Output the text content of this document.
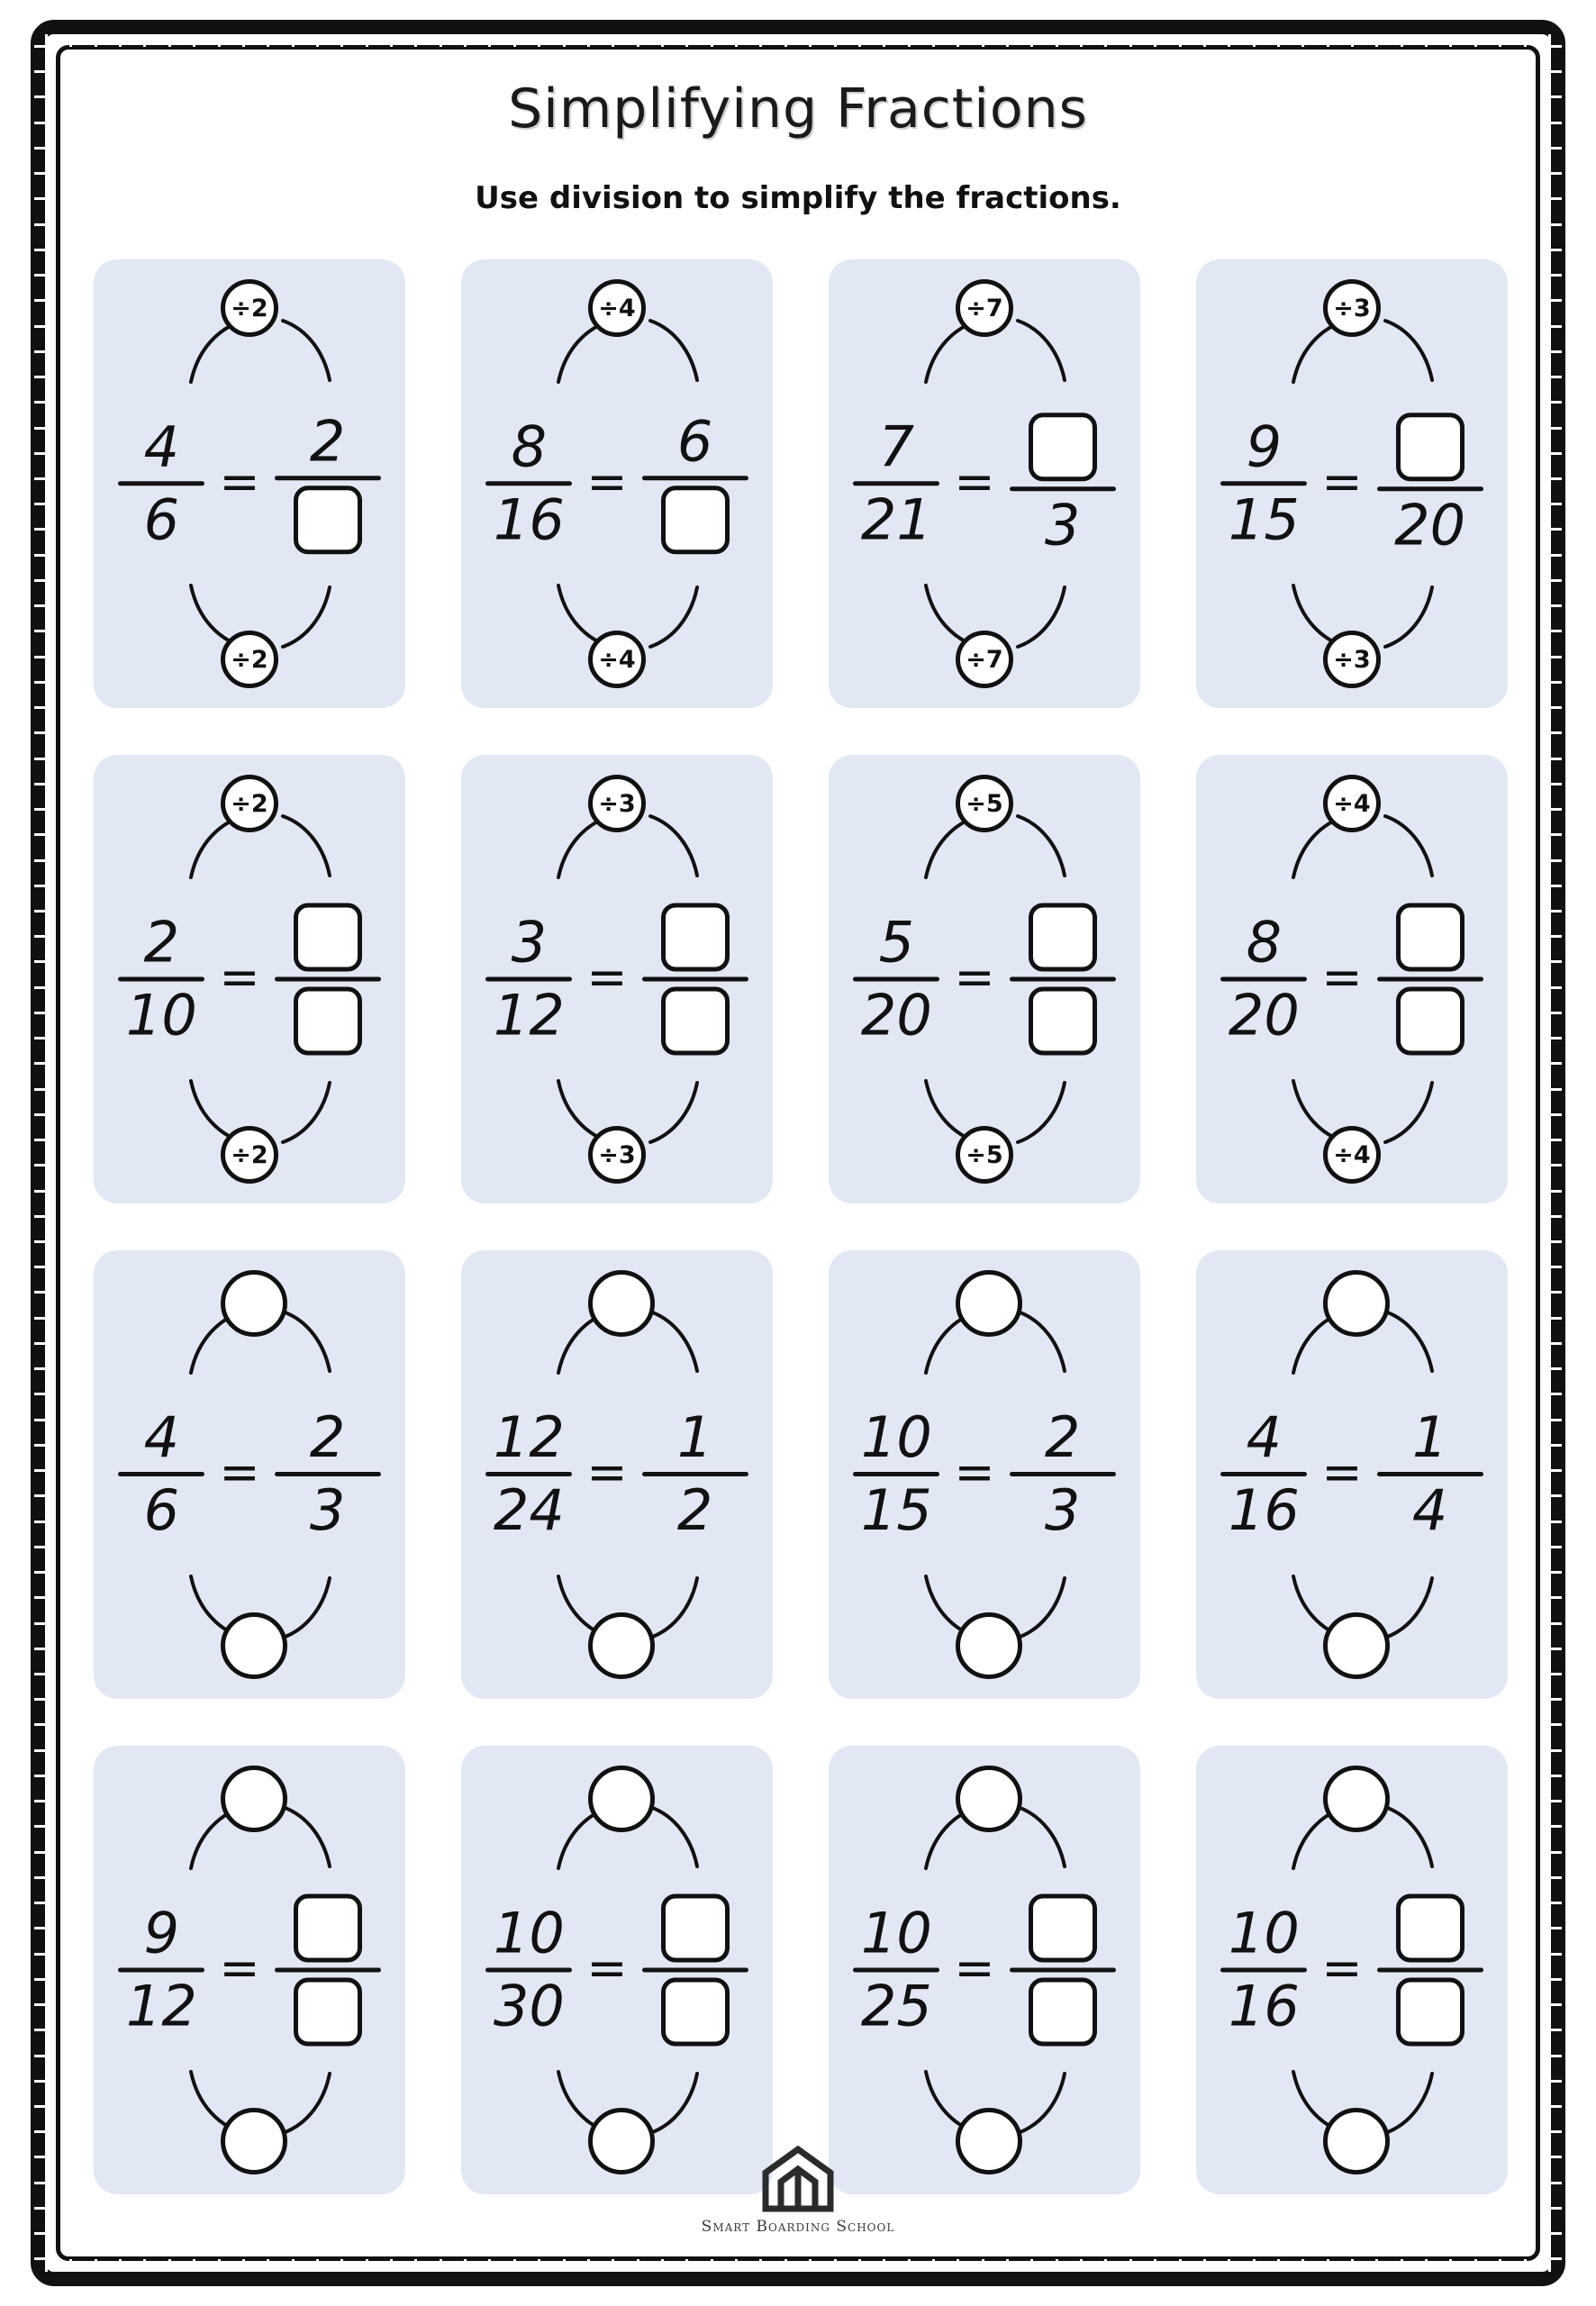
Simplifying Fractions
Use division to simplify the fractions.
÷2
÷2
4
6
=
2
÷4
÷4
8
16
=
6
÷7
÷7
7
21
=
3
÷3
÷3
9
15
=
20
÷2
÷2
2
10
=
÷3
÷3
3
12
=
÷5
÷5
5
20
=
÷4
÷4
8
20
=
4
6
=
2
3
12
24
=
1
2
10
15
=
2
3
4
16
=
1
4
9
12
=
10
30
=
10
25
=
10
16
=
Smart Boarding School
